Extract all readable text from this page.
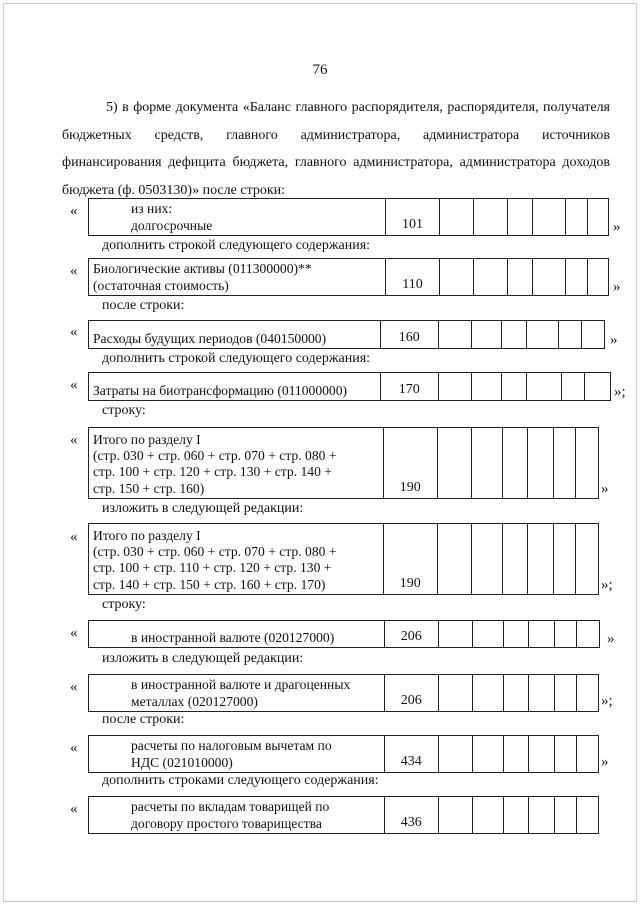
76
5) в форме документа «Баланс главного распорядителя, распорядителя, получателя бюджетных средств, главного администратора, администратора источников финансирования дефицита бюджета, главного администратора, администратора доходов бюджета (ф. 0503130)» после строки:
«	из них:
долгосрочные	101	»
дополнить строкой следующего содержания:
« Биологические активы (011300000)**
(остаточная стоимость)	110	»
после строки:
« Расходы будущих периодов (040150000)	160	»
дополнить строкой следующего содержания:
« Затраты на биотрансформацию (011000000)	170	»;
строку:
« Итого по разделу I
(стр. 030 + стр. 060 + стр. 070 + стр. 080 +
стр. 100 + стр. 120 + стр. 130 + стр. 140 +
стр. 150 + стр. 160)	190	»
изложить в следующей редакции:
« Итого по разделу I
(стр. 030 + стр. 060 + стр. 070 + стр. 080 +
стр. 100 + стр. 110 + стр. 120 + стр. 130 +
стр. 140 + стр. 150 + стр. 160 + стр. 170)	190	»;
строку:
«	в иностранной валюте (020127000)	206	»
изложить в следующей редакции:
«	в иностранной валюте и драгоценных
металлах (020127000)	206	»;
после строки:
«	расчеты по налоговым вычетам по
НДС (021010000)	434	»
дополнить строками следующего содержания:
«	расчеты по вкладам товарищей по
договору простого товарищества	436
